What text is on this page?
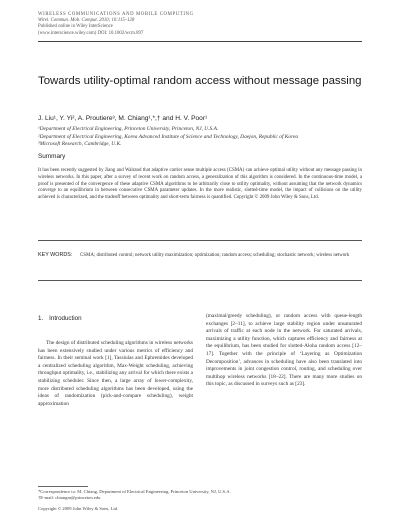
WIRELESS COMMUNICATIONS AND MOBILE COMPUTING
Wirel. Commun. Mob. Comput. 2010; 10:115–128
Published online in Wiley InterScience
(www.interscience.wiley.com) DOI: 10.1002/wcm.897
Towards utility-optimal random access without message passing
J. Liu¹, Y. Yi², A. Proutiere³, M. Chiang¹,*,† and H. V. Poor¹
¹Department of Electrical Engineering, Princeton University, Princeton, NJ, U.S.A.
²Department of Electrical Engineering, Korea Advanced Institute of Science and Technology, Daejon, Republic of Korea
³Microsoft Research, Cambridge, U.K.
Summary
It has been recently suggested by Jiang and Walrand that adaptive carrier sense multiple access (CSMA) can achieve optimal utility without any message passing in wireless networks. In this paper, after a survey of recent work on random access, a generalization of this algorithm is considered. In the continuous-time model, a proof is presented of the convergence of these adaptive CSMA algorithms to be arbitrarily close to utility optimality, without assuming that the network dynamics converge to an equilibrium in between consecutive CSMA parameter updates. In the more realistic, slotted-time model, the impact of collisions on the utility achieved is characterized, and the tradeoff between optimality and short-term fairness is quantified. Copyright © 2009 John Wiley & Sons, Ltd.
KEY WORDS: CSMA; distributed control; network utility maximization; optimization; random access; scheduling; stochastic network; wireless network
1. Introduction

The design of distributed scheduling algorithms in wireless networks has been extensively studied under various metrics of efficiency and fairness. In their seminal work [1], Tassiulas and Ephremides developed a centralized scheduling algorithm, Max-Weight scheduling, achieving throughput optimality, i.e., stabilizing any arrival for which there exists a stabilizing scheduler. Since then, a large array of lower-complexity, more distributed scheduling algorithms has been developed, using the ideas of randomization (pick-and-compare scheduling), weight approximation

(maximal/greedy scheduling), or random access with queue-length exchanges [2–11], to achieve large stability region under unsaturated arrivals of traffic at each node in the network. For saturated arrivals, maximizing a utility function, which captures efficiency and fairness at the equilibrium, has been studied for slotted-Aloha random access [12–17]. Together with the principle of ‘Layering as Optimization Decomposition’, advances in scheduling have also been translated into improvements in joint congestion control, routing, and scheduling over multihop wireless networks [18–22]. There are many more studies on this topic, as discussed in surveys such as [23].

*Correspondence to: M. Chiang, Department of Electrical Engineering, Princeton University, NJ, U.S.A.
†E-mail: chiangm@princeton.edu
Copyright © 2009 John Wiley & Sons, Ltd.
